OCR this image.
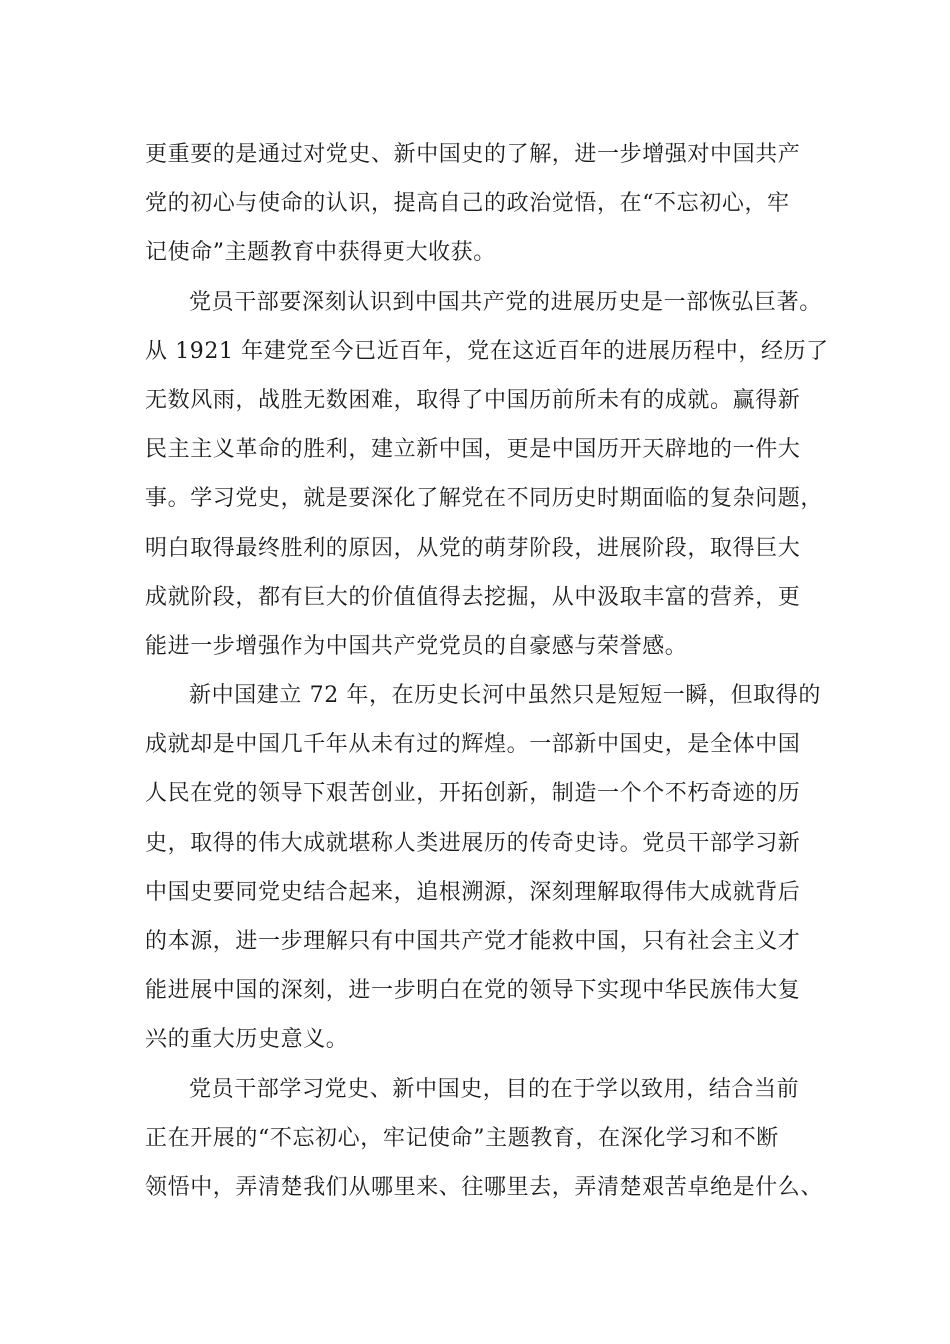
更重要的是通过对党史、新中国史的了解，进一步增强对中国共产
党的初心与使命的认识，提高自己的政治觉悟，在“不忘初心，牢
记使命”主题教育中获得更大收获。
党员干部要深刻认识到中国共产党的进展历史是一部恢弘巨著。
从 1921 年建党至今已近百年，党在这近百年的进展历程中，经历了
无数风雨，战胜无数困难，取得了中国历前所未有的成就。赢得新
民主主义革命的胜利，建立新中国，更是中国历开天辟地的一件大
事。学习党史，就是要深化了解党在不同历史时期面临的复杂问题，
明白取得最终胜利的原因，从党的萌芽阶段，进展阶段，取得巨大
成就阶段，都有巨大的价值值得去挖掘，从中汲取丰富的营养，更
能进一步增强作为中国共产党党员的自豪感与荣誉感。
新中国建立 72 年，在历史长河中虽然只是短短一瞬，但取得的
成就却是中国几千年从未有过的辉煌。一部新中国史，是全体中国
人民在党的领导下艰苦创业，开拓创新，制造一个个不朽奇迹的历
史，取得的伟大成就堪称人类进展历的传奇史诗。党员干部学习新
中国史要同党史结合起来，追根溯源，深刻理解取得伟大成就背后
的本源，进一步理解只有中国共产党才能救中国，只有社会主义才
能进展中国的深刻，进一步明白在党的领导下实现中华民族伟大复
兴的重大历史意义。
党员干部学习党史、新中国史，目的在于学以致用，结合当前
正在开展的“不忘初心，牢记使命”主题教育，在深化学习和不断
领悟中，弄清楚我们从哪里来、往哪里去，弄清楚艰苦卓绝是什么、
